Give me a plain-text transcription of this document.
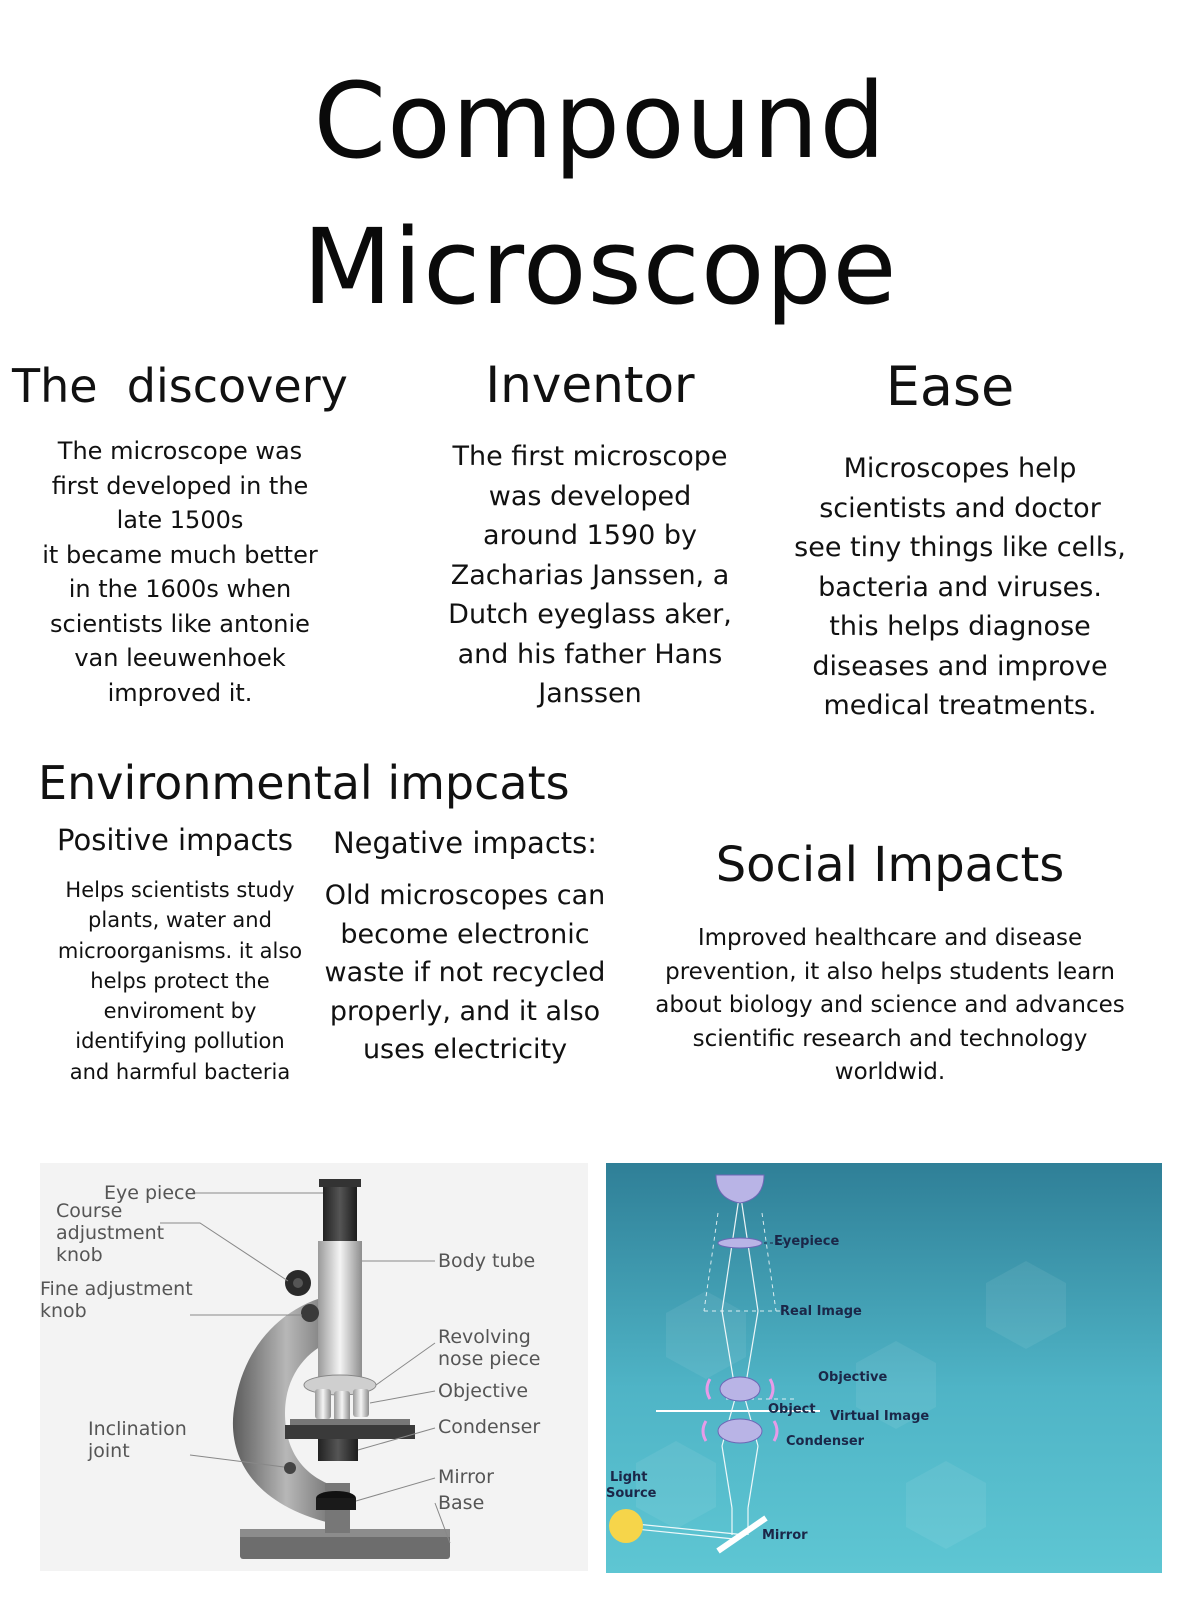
Compound
Microscope
The  discovery
The microscope was
first developed in the
late 1500s
it became much better
in the 1600s when
scientists like antonie
van leeuwenhoek
improved it.
Inventor
The first microscope
was developed
around 1590 by
Zacharias Janssen, a
Dutch eyeglass aker,
and his father Hans
Janssen
Ease
Microscopes help
scientists and doctor
see tiny things like cells,
bacteria and viruses.
this helps diagnose
diseases and improve
medical treatments.
Environmental impcats
Positive impacts
Helps scientists study
plants, water and
microorganisms. it also
helps protect the
enviroment by
identifying pollution
and harmful bacteria
Negative impacts:
Old microscopes can
become electronic
waste if not recycled
properly, and it also
uses electricity
Social Impacts
Improved healthcare and disease
prevention, it also helps students learn
about biology and science and advances
scientific research and technology
worldwid.
Eye piece
Course adjustment knob
Fine adjustment knob
Inclination joint
Body tube
Revolving nose piece
Objective
Condenser
Mirror
Base
Eyepiece
Real Image
Objective
Object Virtual Image
Condenser
Light Source
Mirror
